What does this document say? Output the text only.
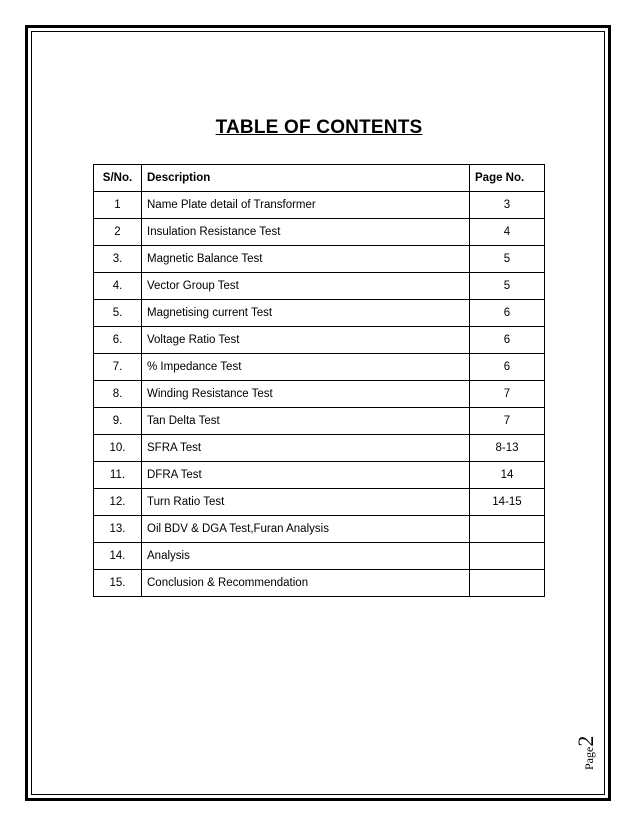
TABLE OF CONTENTS
S/No.	Description	Page No.
1	Name Plate detail of Transformer	3
2	Insulation Resistance Test	4
3.	Magnetic Balance Test	5
4.	Vector Group Test	5
5.	Magnetising current Test	6
6.	Voltage Ratio Test	6
7.	% Impedance Test	6
8.	Winding Resistance Test	7
9.	Tan Delta Test	7
10.	SFRA Test	8-13
11.	DFRA Test	14
12.	Turn Ratio Test	14-15
13.	Oil BDV & DGA Test,Furan Analysis	
14.	Analysis	
15.	Conclusion & Recommendation	
Page2
